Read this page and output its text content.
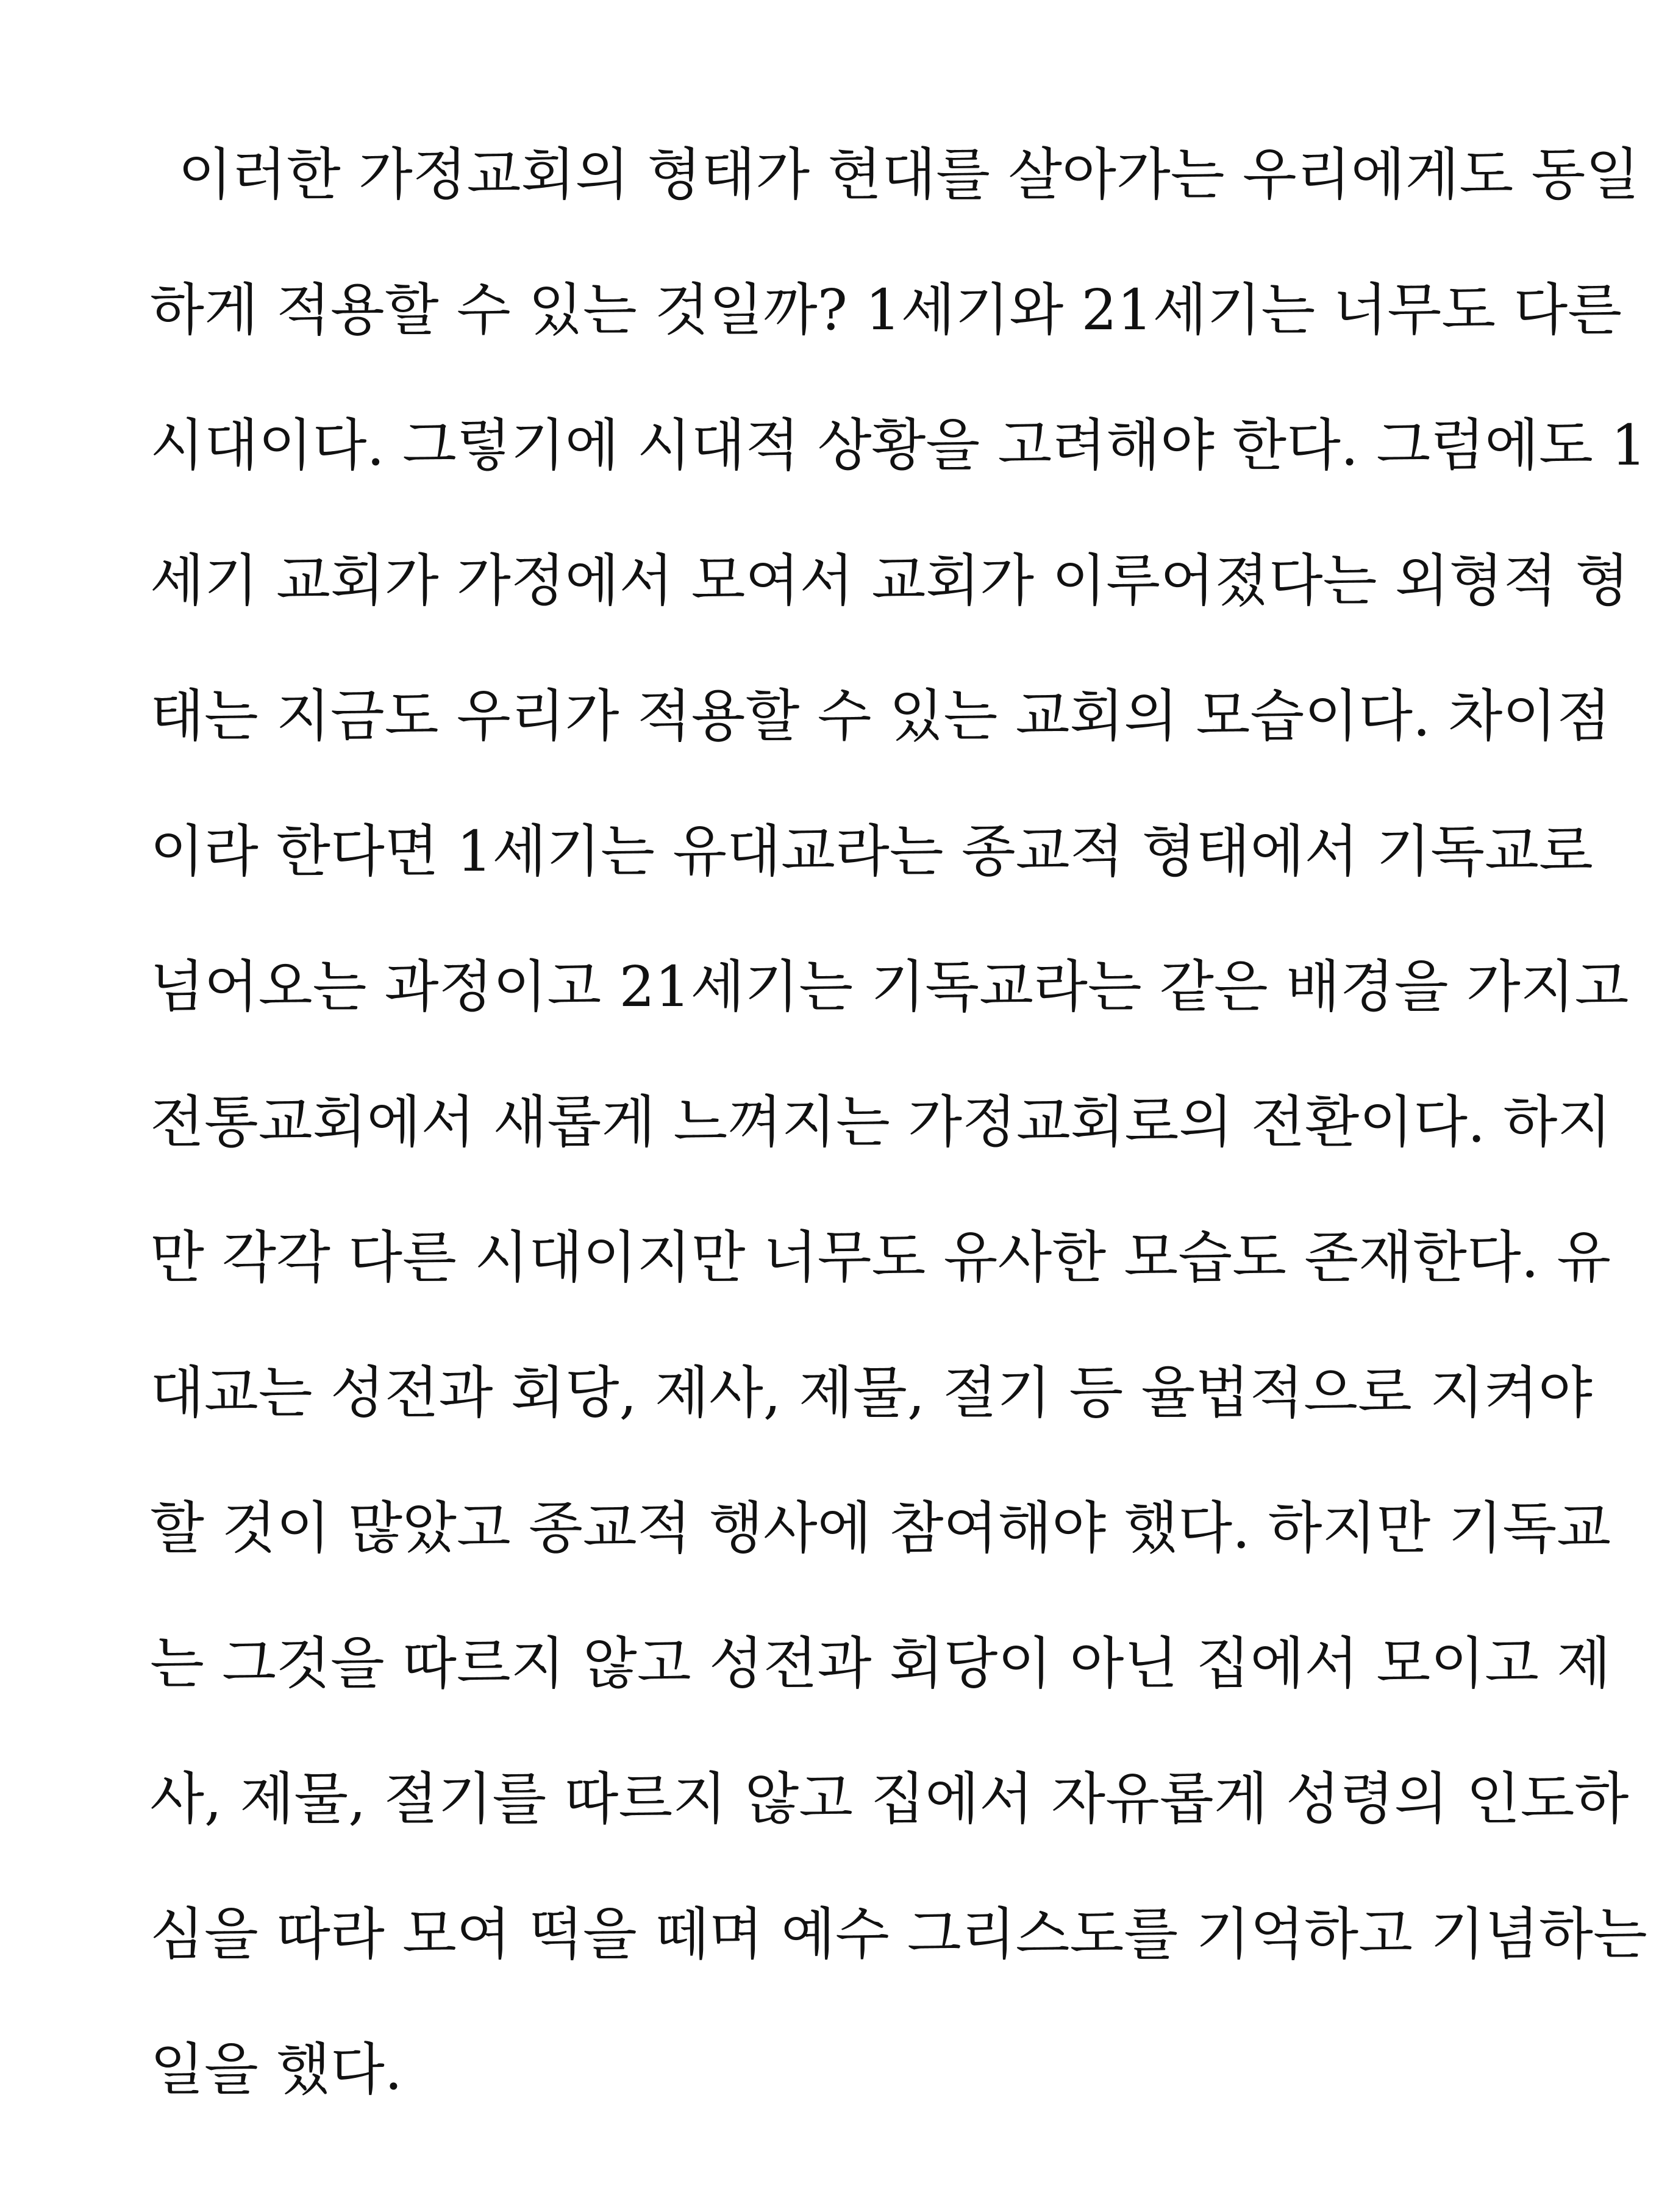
이러한 가정교회의 형태가 현대를 살아가는 우리에게도 동일
하게 적용할 수 있는 것일까? 1세기와 21세기는 너무도 다른
시대이다. 그렇기에 시대적 상황을 고려해야 한다. 그럼에도 1
세기 교회가 가정에서 모여서 교회가 이루어졌다는 외형적 형
태는 지금도 우리가 적용할 수 있는 교회의 모습이다. 차이점
이라 한다면 1세기는 유대교라는 종교적 형태에서 기독교로
넘어오는 과정이고 21세기는 기독교라는 같은 배경을 가지고
전통교회에서 새롭게 느껴지는 가정교회로의 전환이다. 하지
만 각각 다른 시대이지만 너무도 유사한 모습도 존재한다. 유
대교는 성전과 회당, 제사, 제물, 절기 등 율법적으로 지켜야
할 것이 많았고 종교적 행사에 참여해야 했다. 하지만 기독교
는 그것을 따르지 않고 성전과 회당이 아닌 집에서 모이고 제
사, 제물, 절기를 따르지 않고 집에서 자유롭게 성령의 인도하
심을 따라 모여 떡을 떼며 예수 그리스도를 기억하고 기념하는
일을 했다.
